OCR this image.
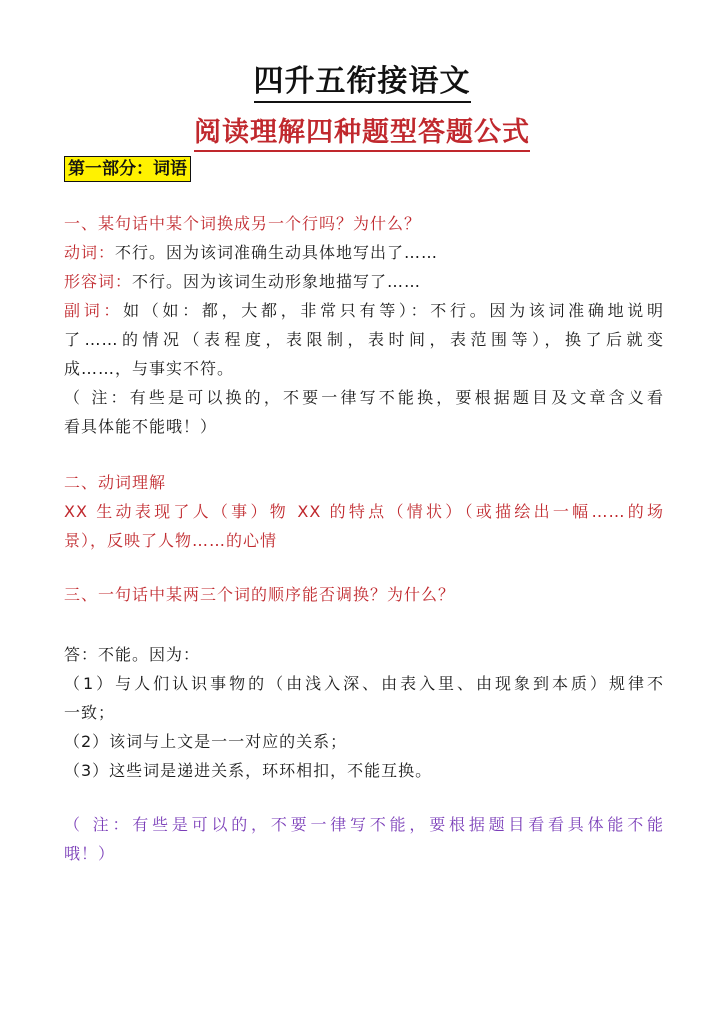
四升五衔接语文
阅读理解四种题型答题公式
第一部分：词语
一、某句话中某个词换成另一个行吗？为什么？
动词：不行。因为该词准确生动具体地写出了……
形容词：不行。因为该词生动形象地描写了……
副词：如（如：都，大都，非常只有等）：不行。因为该词准确地说明
了……的情况（表程度，表限制，表时间，表范围等），换了后就变
成……，与事实不符。
（ 注：有些是可以换的，不要一律写不能换，要根据题目及文章含义看
看具体能不能哦！）
二、动词理解
XX 生动表现了人（事）物 XX 的特点（情状）（或描绘出一幅……的场
景），反映了人物……的心情
三、一句话中某两三个词的顺序能否调换？为什么？
答：不能。因为：
（1）与人们认识事物的（由浅入深、由表入里、由现象到本质）规律不
一致；
（2）该词与上文是一一对应的关系；
（3）这些词是递进关系，环环相扣，不能互换。
（ 注：有些是可以的，不要一律写不能，要根据题目看看具体能不能
哦！）
